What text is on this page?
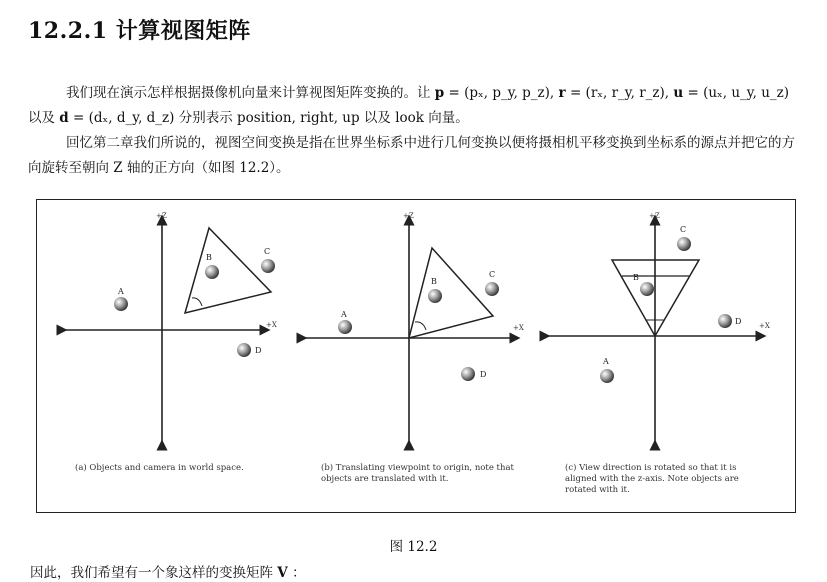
12.2.1 计算视图矩阵

我们现在演示怎样根据摄像机向量来计算视图矩阵变换的。让 p = (pₓ, p_y, p_z), r = (rₓ, r_y, r_z), u = (uₓ, u_y, u_z) 以及 d = (dₓ, d_y, d_z) 分别表示 position, right, up 以及 look 向量。

回忆第二章我们所说的，视图空间变换是指在世界坐标系中进行几何变换以便将摄相机平移变换到坐标系的源点并把它的方向旋转至朝向 Z 轴的正方向（如图 12.2）。

+Z
+X
A
B
C
D
+Z
+X
A
B
C
D
+Z
+X
A
B
C
D
(a) Objects and camera in world space.	(b) Translating viewpoint to origin, note that objects are translated with it.
(c) View direction is rotated so that it is aligned with the z-axis. Note objects are rotated with it.
图 12.2
因此，我们希望有一个象这样的变换矩阵 V ：
